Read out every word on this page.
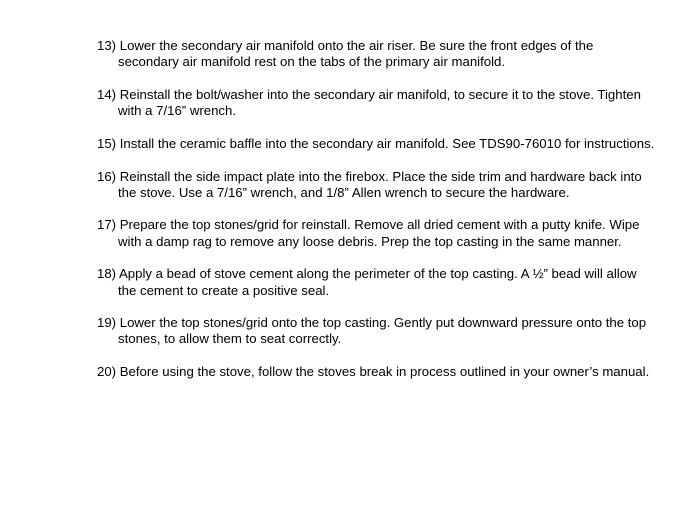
13) Lower the secondary air manifold onto the air riser. Be sure the front edges of the secondary air manifold rest on the tabs of the primary air manifold.
14) Reinstall the bolt/washer into the secondary air manifold, to secure it to the stove. Tighten with a 7/16” wrench.
15) Install the ceramic baffle into the secondary air manifold. See TDS90-76010 for instructions.
16) Reinstall the side impact plate into the firebox. Place the side trim and hardware back into the stove. Use a 7/16” wrench, and 1/8” Allen wrench to secure the hardware.
17) Prepare the top stones/grid for reinstall. Remove all dried cement with a putty knife. Wipe with a damp rag to remove any loose debris. Prep the top casting in the same manner.
18) Apply a bead of stove cement along the perimeter of the top casting. A ½” bead will allow the cement to create a positive seal.
19) Lower the top stones/grid onto the top casting. Gently put downward pressure onto the top stones, to allow them to seat correctly.
20) Before using the stove, follow the stoves break in process outlined in your owner’s manual.
